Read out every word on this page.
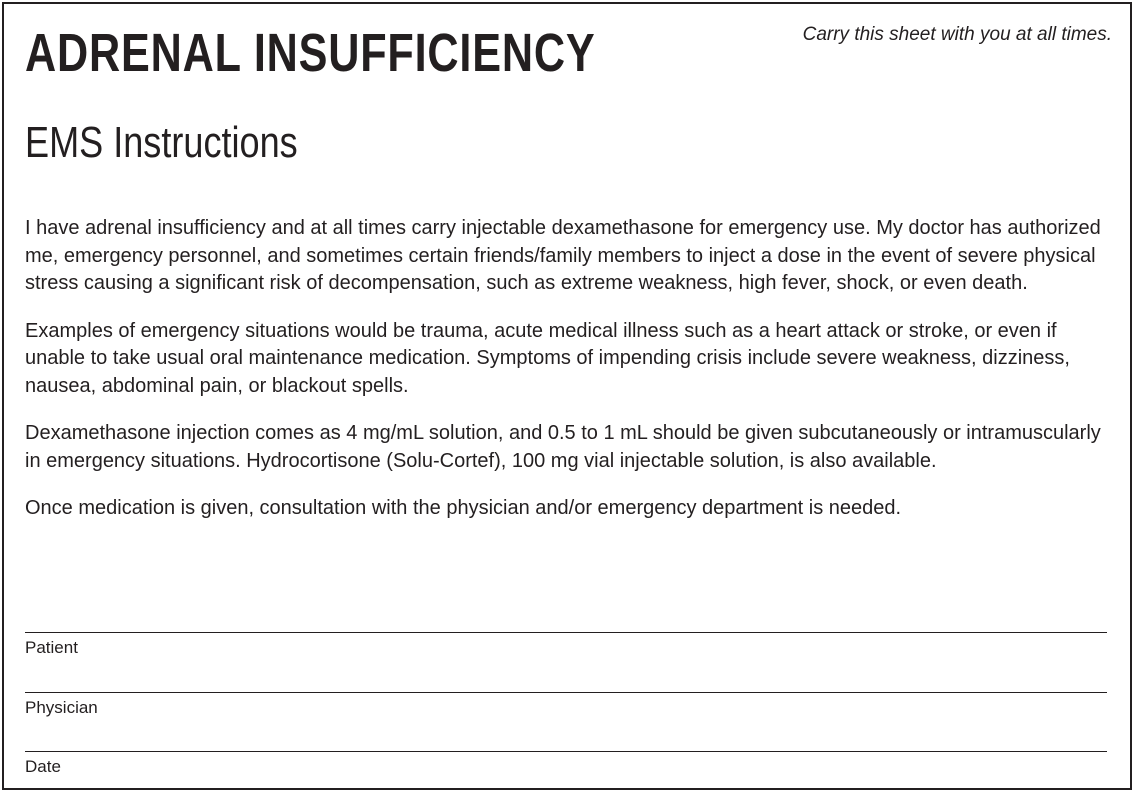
ADRENAL INSUFFICIENCY	Carry this sheet with you at all times.
EMS Instructions

I have adrenal insufficiency and at all times carry injectable dexamethasone for emergency use. My doctor has authorized me, emergency personnel, and sometimes certain friends/family members to inject a dose in the event of severe physical stress causing a significant risk of decompensation, such as extreme weakness, high fever, shock, or even death.

Examples of emergency situations would be trauma, acute medical illness such as a heart attack or stroke, or even if unable to take usual oral maintenance medication. Symptoms of impending crisis include severe weakness, dizziness, nausea, abdominal pain, or blackout spells.

Dexamethasone injection comes as 4 mg/mL solution, and 0.5 to 1 mL should be given subcutaneously or intramuscularly in emergency situations. Hydrocortisone (Solu-Cortef), 100 mg vial injectable solution, is also available.

Once medication is given, consultation with the physician and/or emergency department is needed.

Patient
Physician
Date
